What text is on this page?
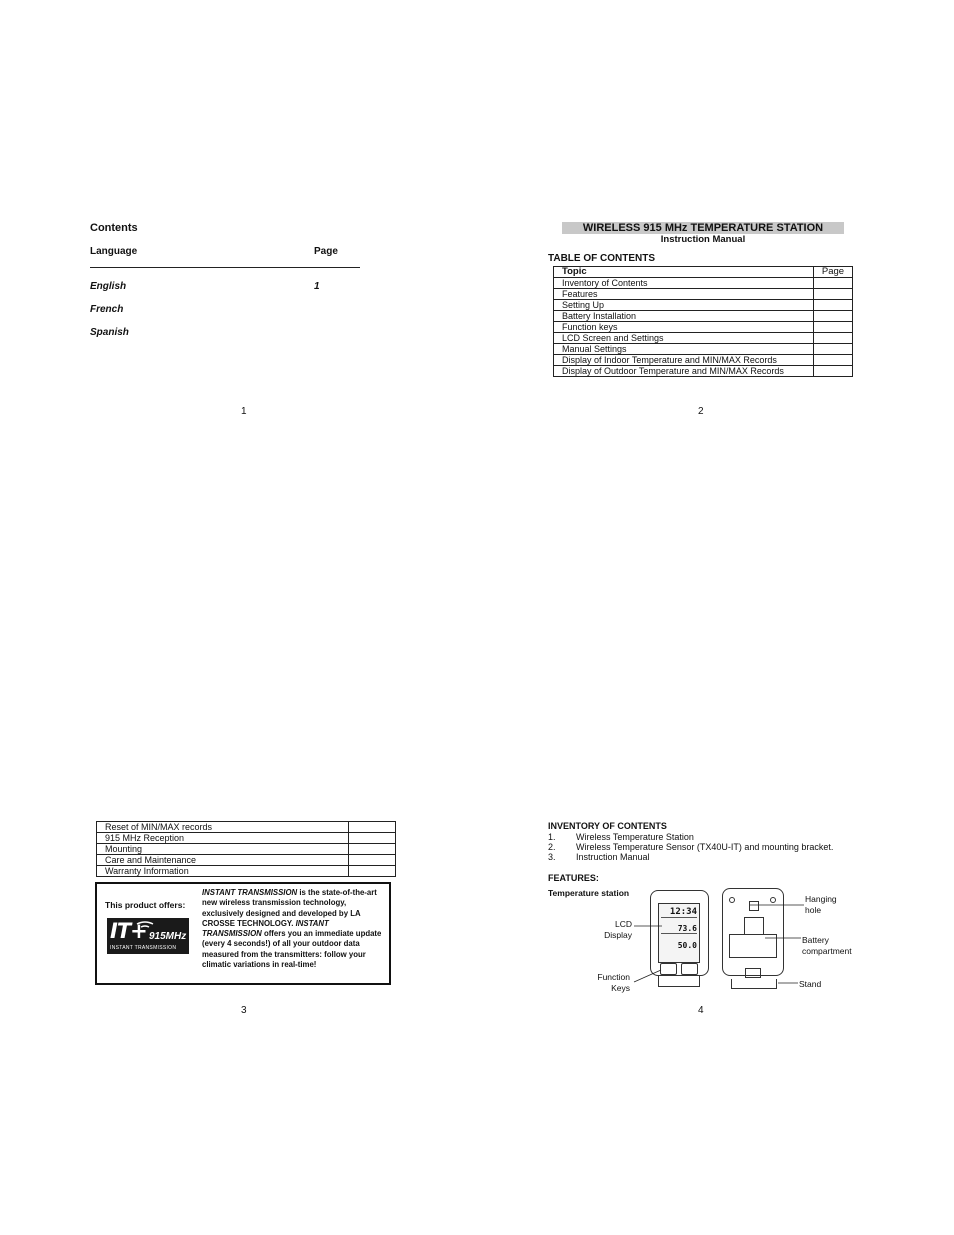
Contents
Language	Page
English	1
French
Spanish
1
WIRELESS 915 MHz TEMPERATURE STATION
Instruction Manual
TABLE OF CONTENTS
Topic	Page
Inventory of Contents	
Features	
Setting Up	
Battery Installation	
Function keys	
LCD Screen and Settings	
Manual Settings	
Display of Indoor Temperature and MIN/MAX Records	
Display of Outdoor Temperature and MIN/MAX Records	
2
Reset of MIN/MAX records	
915 MHz Reception	
Mounting	
Care and Maintenance	
Warranty Information	
This product offers:
IT+ 915MHz
INSTANT TRANSMISSION
INSTANT TRANSMISSION is the state-of-the-art new wireless transmission technology, exclusively designed and developed by LA CROSSE TECHNOLOGY. INSTANT TRANSMISSION offers you an immediate update (every 4 seconds!) of all your outdoor data measured from the transmitters: follow your climatic variations in real-time!
3
INVENTORY OF CONTENTS
1. Wireless Temperature Station
2. Wireless Temperature Sensor (TX40U-IT) and mounting bracket.
3. Instruction Manual
FEATURES:
Temperature station
12:34
73.6
50.0
LCD
Display
Function
Keys
Hanging
hole
Battery
compartment
Stand
4
